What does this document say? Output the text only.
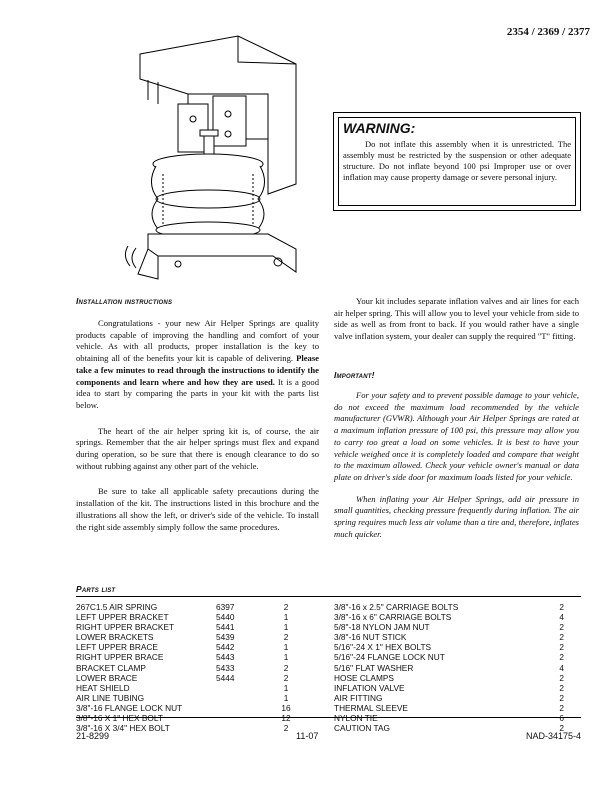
2354 / 2369 / 2377
WARNING:

Do not inflate this assembly when it is unrestricted. The assembly must be restricted by the suspension or other adequate structure. Do not inflate beyond 100 psi Improper use or over inflation may cause property damage or severe personal injury.

Installation instructions

Congratulations - your new Air Helper Springs are quality products capable of improving the handling and comfort of your vehicle. As with all products, proper installation is the key to obtaining all of the benefits your kit is capable of delivering. Please take a few minutes to read through the instructions to identify the components and learn where and how they are used. It is a good idea to start by comparing the parts in your kit with the parts list below.

The heart of the air helper spring kit is, of course, the air springs. Remember that the air helper springs must flex and expand during operation, so be sure that there is enough clearance to do so without rubbing against any other part of the vehicle.

Be sure to take all applicable safety precautions during the installation of the kit. The instructions listed in this brochure and the illustrations all show the left, or driver's side of the vehicle. To install the right side assembly simply follow the same procedures.

Your kit includes separate inflation valves and air lines for each air helper spring. This will allow you to level your vehicle from side to side as well as from front to back. If you would rather have a single valve inflation system, your dealer can supply the required "T" fitting.

Important!

For your safety and to prevent possible damage to your vehicle, do not exceed the maximum load recommended by the vehicle manufacturer (GVWR). Although your Air Helper Springs are rated at a maximum inflation pressure of 100 psi, this pressure may allow you to carry too great a load on some vehicles. It is best to have your vehicle weighed once it is completely loaded and compare that weight to the maximum allowed. Check your vehicle owner's manual or data plate on driver's side door for maximum loads listed for your vehicle.

When inflating your Air Helper Springs, add air pressure in small quantities, checking pressure frequently during inflation. The air spring requires much less air volume than a tire and, therefore, inflates much quicker.

Parts list
267C1.5 AIR SPRING	6397	2
LEFT UPPER BRACKET	5440	1
RIGHT UPPER BRACKET	5441	1
LOWER BRACKETS	5439	2
LEFT UPPER BRACE	5442	1
RIGHT UPPER BRACE	5443	1
BRACKET CLAMP	5433	2
LOWER BRACE	5444	2
HEAT SHIELD	1
AIR LINE TUBING	1
3/8"-16 FLANGE LOCK NUT	16
3/8"-16 X 1" HEX BOLT	12
3/8"-16 X 3/4" HEX BOLT	2
3/8"-16 x 2.5" CARRIAGE BOLTS	2
3/8"-16 x 6" CARRIAGE BOLTS	4
5/8"-18 NYLON JAM NUT	2
3/8"-16 NUT STICK	2
5/16"-24 X 1" HEX BOLTS	2
5/16"-24 FLANGE LOCK NUT	2
5/16" FLAT WASHER	4
HOSE CLAMPS	2
INFLATION VALVE	2
AIR FITTING	2
THERMAL SLEEVE	2
NYLON TIE	6
CAUTION TAG	2
21-8299	11-07	NAD-34175-4
